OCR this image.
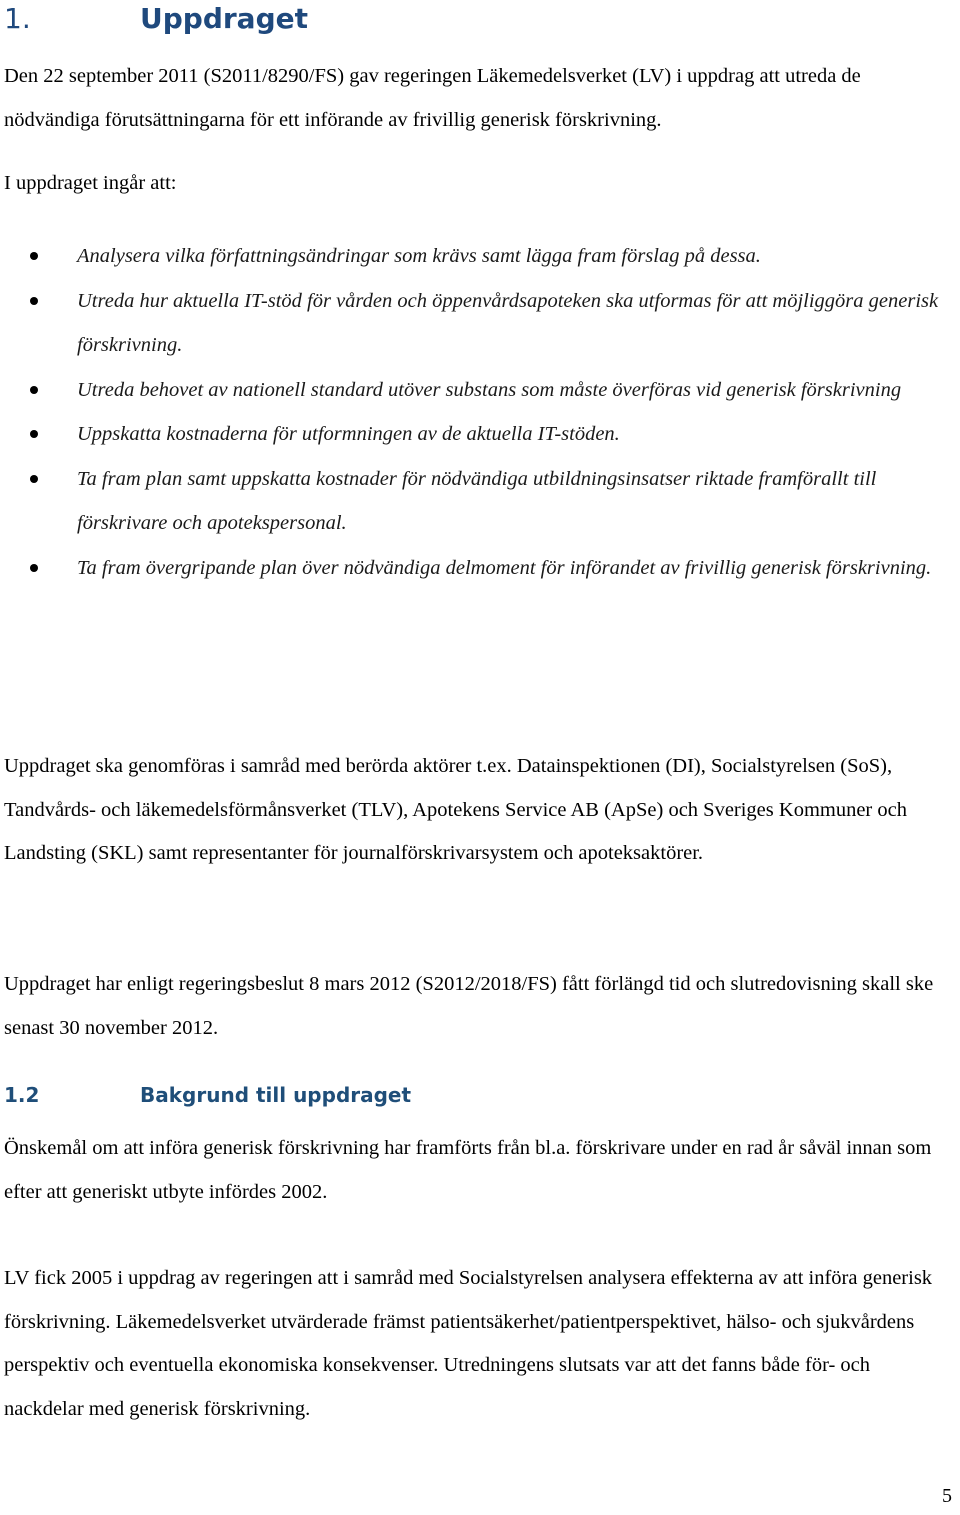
1.	Uppdraget

Den 22 september 2011 (S2011/8290/FS) gav regeringen Läkemedelsverket (LV) i uppdrag att utreda de nödvändiga förutsättningarna för ett införande av frivillig generisk förskrivning.

I uppdraget ingår att:

Analysera vilka författningsändringar som krävs samt lägga fram förslag på dessa.
Utreda hur aktuella IT-stöd för vården och öppenvårdsapoteken ska utformas för att möjliggöra generisk förskrivning.
Utreda behovet av nationell standard utöver substans som måste överföras vid generisk förskrivning
Uppskatta kostnaderna för utformningen av de aktuella IT-stöden.
Ta fram plan samt uppskatta kostnader för nödvändiga utbildningsinsatser riktade framförallt till förskrivare och apotekspersonal.
Ta fram övergripande plan över nödvändiga delmoment för införandet av frivillig generisk förskrivning.

Uppdraget ska genomföras i samråd med berörda aktörer t.ex. Datainspektionen (DI), Socialstyrelsen (SoS), Tandvårds- och läkemedelsförmånsverket (TLV), Apotekens Service AB (ApSe) och Sveriges Kommuner och Landsting (SKL) samt representanter för journalförskrivarsystem och apoteksaktörer.

Uppdraget har enligt regeringsbeslut 8 mars 2012 (S2012/2018/FS) fått förlängd tid och slutredovisning skall ske senast 30 november 2012.

1.2	Bakgrund till uppdraget

Önskemål om att införa generisk förskrivning har framförts från bl.a. förskrivare under en rad år såväl innan som efter att generiskt utbyte infördes 2002.

LV fick 2005 i uppdrag av regeringen att i samråd med Socialstyrelsen analysera effekterna av att införa generisk förskrivning. Läkemedelsverket utvärderade främst patientsäkerhet/patientperspektivet, hälso- och sjukvårdens perspektiv och eventuella ekonomiska konsekvenser. Utredningens slutsats var att det fanns både för- och nackdelar med generisk förskrivning.

5
